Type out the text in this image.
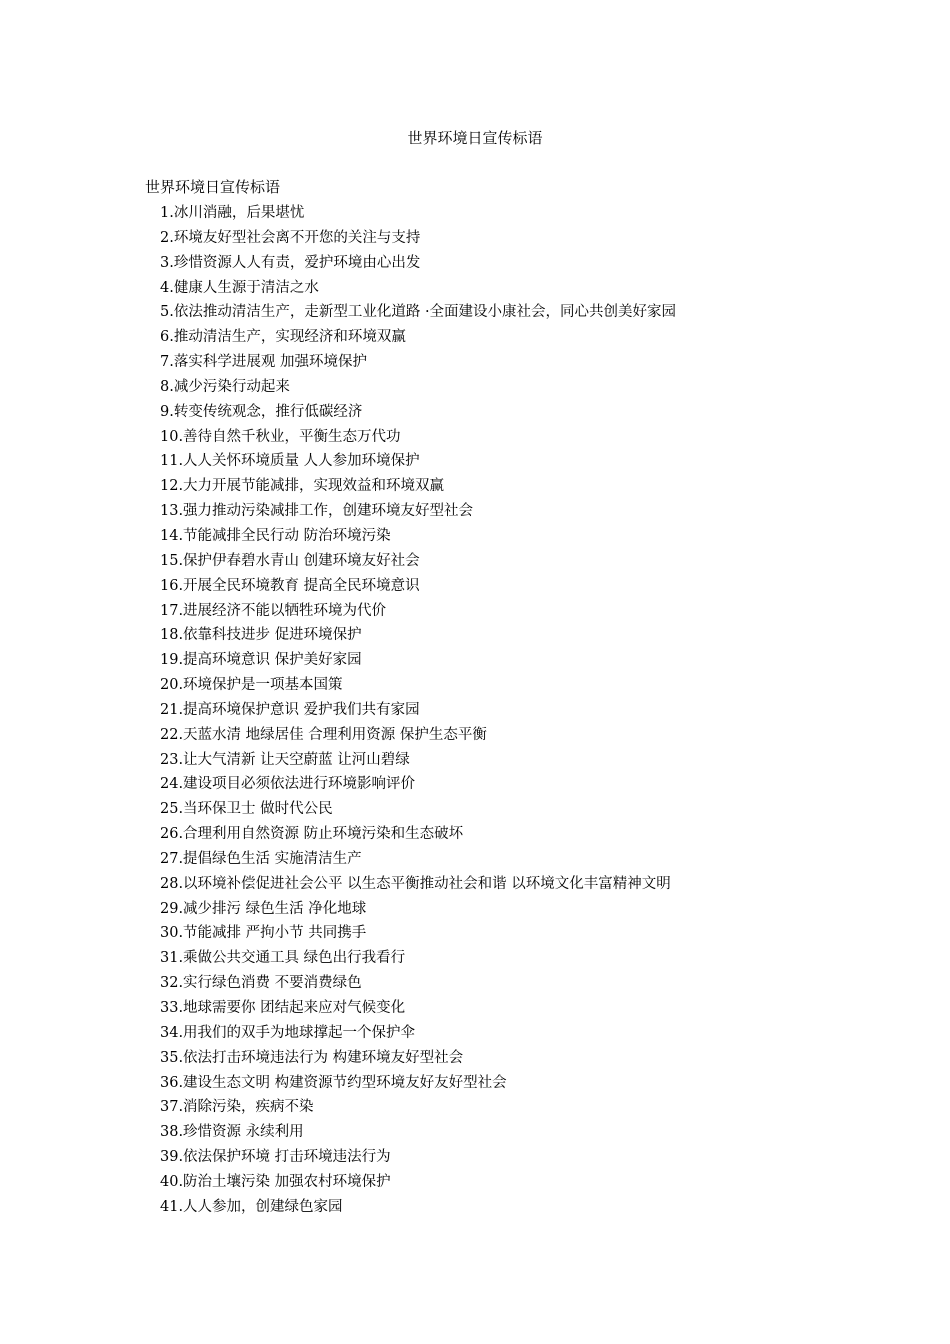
世界环境日宣传标语
世界环境日宣传标语
1.冰川消融，后果堪忧
2.环境友好型社会离不开您的关注与支持
3.珍惜资源人人有责，爱护环境由心出发
4.健康人生源于清洁之水
5.依法推动清洁生产，走新型工业化道路 ·全面建设小康社会，同心共创美好家园
6.推动清洁生产，实现经济和环境双赢
7.落实科学进展观 加强环境保护
8.减少污染行动起来
9.转变传统观念，推行低碳经济
10.善待自然千秋业，平衡生态万代功
11.人人关怀环境质量 人人参加环境保护
12.大力开展节能减排，实现效益和环境双赢
13.强力推动污染减排工作，创建环境友好型社会
14.节能减排全民行动 防治环境污染
15.保护伊春碧水青山 创建环境友好社会
16.开展全民环境教育 提高全民环境意识
17.进展经济不能以牺牲环境为代价
18.依靠科技进步 促进环境保护
19.提高环境意识 保护美好家园
20.环境保护是一项基本国策
21.提高环境保护意识 爱护我们共有家园
22.天蓝水清 地绿居佳 合理利用资源 保护生态平衡
23.让大气清新 让天空蔚蓝 让河山碧绿
24.建设项目必须依法进行环境影响评价
25.当环保卫士 做时代公民
26.合理利用自然资源 防止环境污染和生态破坏
27.提倡绿色生活 实施清洁生产
28.以环境补偿促进社会公平 以生态平衡推动社会和谐 以环境文化丰富精神文明
29.减少排污 绿色生活 净化地球
30.节能减排 严拘小节 共同携手
31.乘做公共交通工具 绿色出行我看行
32.实行绿色消费 不要消费绿色
33.地球需要你 团结起来应对气候变化
34.用我们的双手为地球撑起一个保护伞
35.依法打击环境违法行为 构建环境友好型社会
36.建设生态文明 构建资源节约型环境友好友好型社会
37.消除污染，疾病不染
38.珍惜资源 永续利用
39.依法保护环境 打击环境违法行为
40.防治土壤污染 加强农村环境保护
41.人人参加，创建绿色家园
